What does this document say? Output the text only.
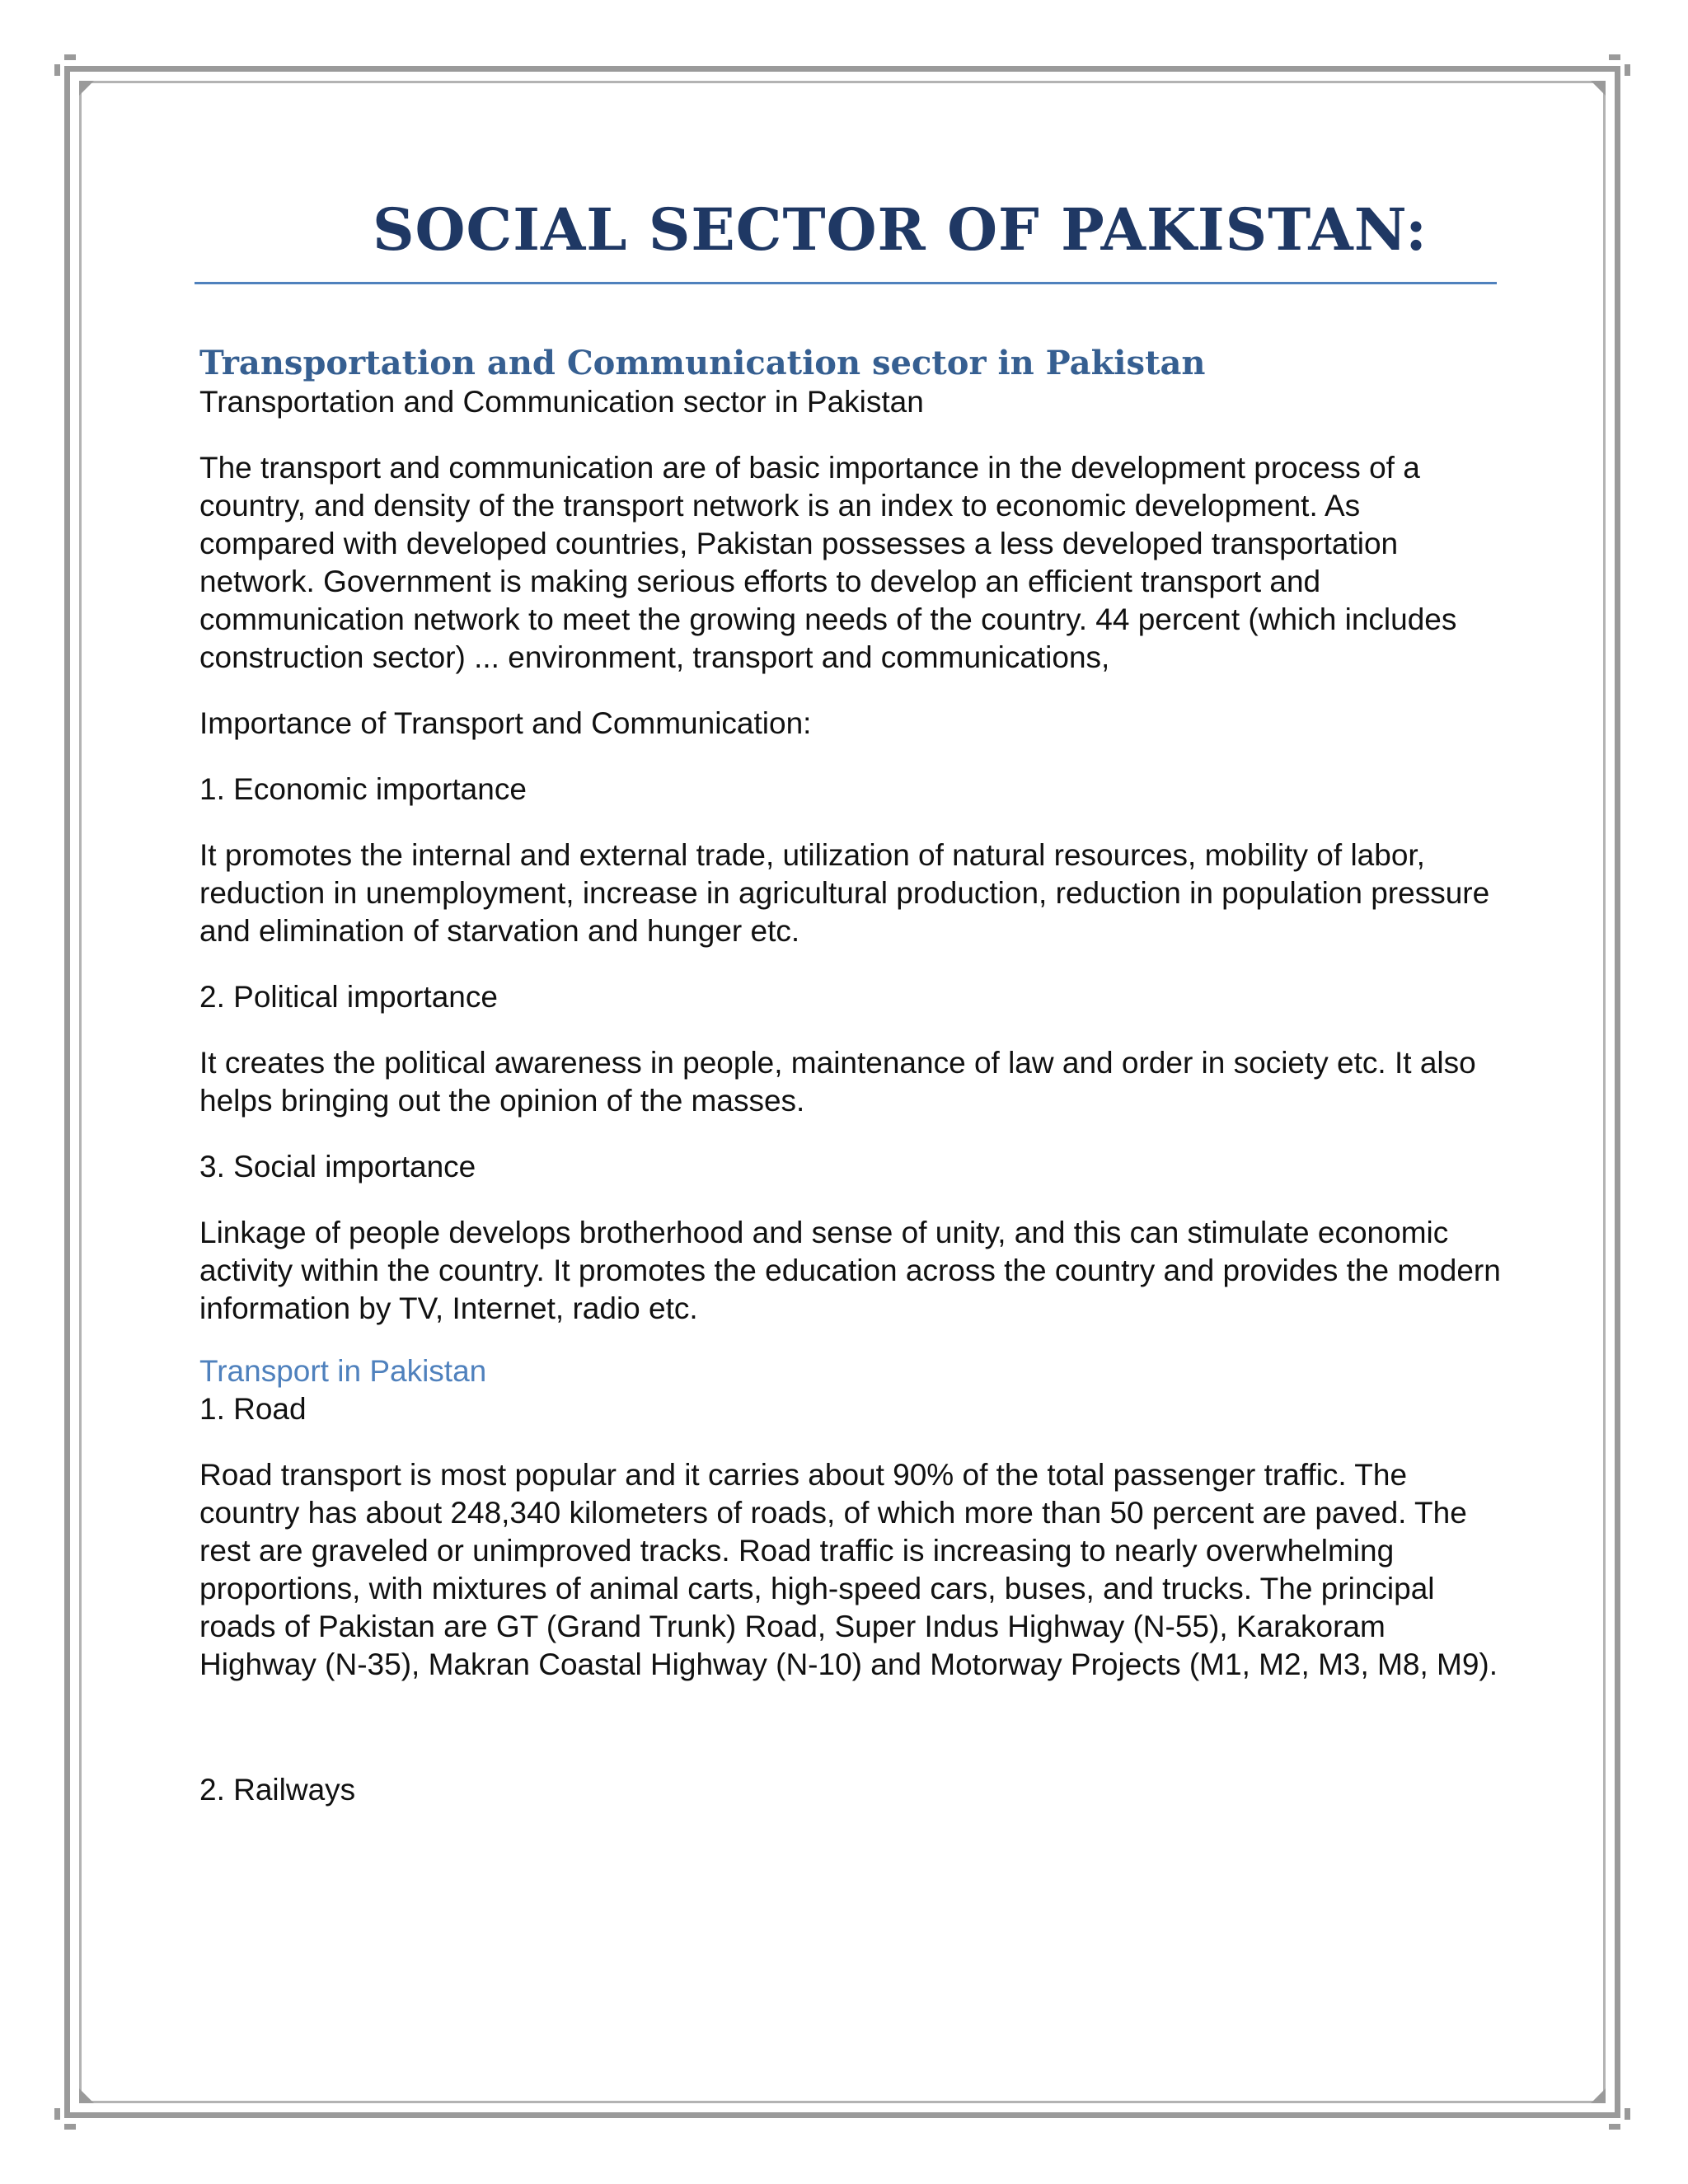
SOCIAL SECTOR OF PAKISTAN:
Transportation and Communication sector in Pakistan

Transportation and Communication sector in Pakistan

The transport and communication are of basic importance in the development process of a country, and density of the transport network is an index to economic development. As compared with developed countries, Pakistan possesses a less developed transportation network. Government is making serious efforts to develop an efficient transport and communication network to meet the growing needs of the country. 44 percent (which includes construction sector) ... environment, transport and communications,

Importance of Transport and Communication:

1. Economic importance

It promotes the internal and external trade, utilization of natural resources, mobility of labor, reduction in unemployment, increase in agricultural production, reduction in population pressure and elimination of starvation and hunger etc.

2. Political importance

It creates the political awareness in people, maintenance of law and order in society etc. It also helps bringing out the opinion of the masses.

3. Social importance

Linkage of people develops brotherhood and sense of unity, and this can stimulate economic activity within the country. It promotes the education across the country and provides the modern information by TV, Internet, radio etc.

Transport in Pakistan

1. Road

Road transport is most popular and it carries about 90% of the total passenger traffic. The country has about 248,340 kilometers of roads, of which more than 50 percent are paved. The rest are graveled or unimproved tracks. Road traffic is increasing to nearly overwhelming proportions, with mixtures of animal carts, high-speed cars, buses, and trucks. The principal roads of Pakistan are GT (Grand Trunk) Road, Super Indus Highway (N-55), Karakoram Highway (N-35), Makran Coastal Highway (N-10) and Motorway Projects (M1, M2, M3, M8, M9).

2. Railways
